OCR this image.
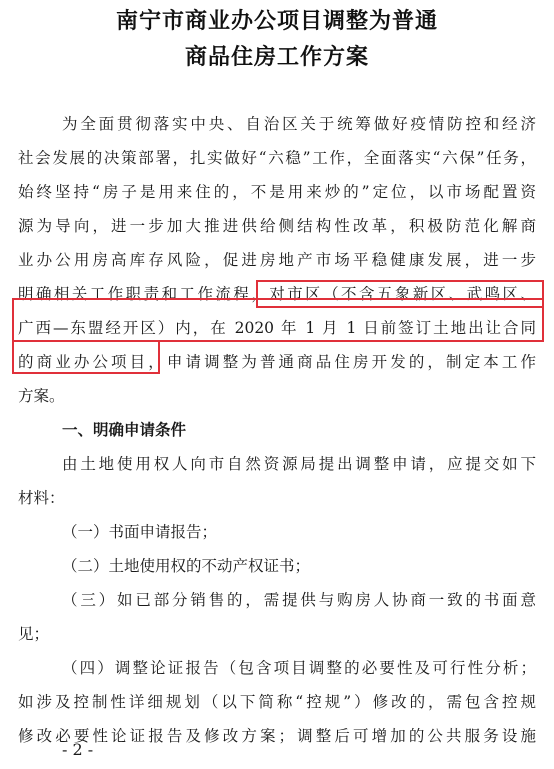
南宁市商业办公项目调整为普通
商品住房工作方案
为全面贯彻落实中央、自治区关于统筹做好疫情防控和经济
社会发展的决策部署，扎实做好“六稳”工作，全面落实“六保”任务，
始终坚持“房子是用来住的，不是用来炒的”定位，以市场配置资
源为导向，进一步加大推进供给侧结构性改革，积极防范化解商
业办公用房高库存风险，促进房地产市场平稳健康发展，进一步
明确相关工作职责和工作流程，对市区（不含五象新区、武鸣区、
广西—东盟经开区）内，在 2020 年 1 月 1 日前签订土地出让合同
的商业办公项目，申请调整为普通商品住房开发的，制定本工作
方案。
一、明确申请条件
由土地使用权人向市自然资源局提出调整申请，应提交如下
材料：
（一）书面申请报告；
（二）土地使用权的不动产权证书；
（三）如已部分销售的，需提供与购房人协商一致的书面意
见；
（四）调整论证报告（包含项目调整的必要性及可行性分析；
如涉及控制性详细规划（以下简称“控规”）修改的，需包含控规
修改必要性论证报告及修改方案；调整后可增加的公共服务设施
- 2 -
